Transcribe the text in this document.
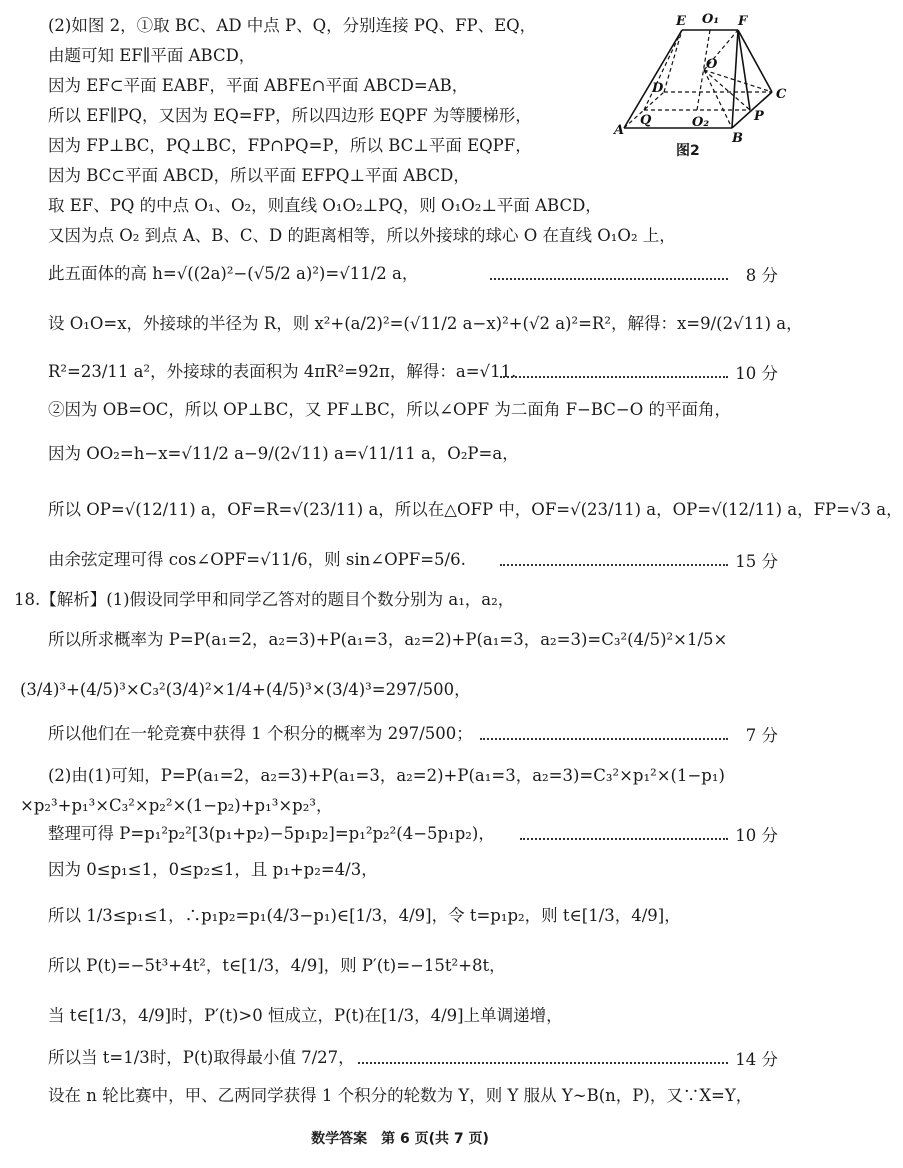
E O₁ F
D
O
C
A
Q	O₂
B
P
图2
(2)如图 2，①取 BC、AD 中点 P、Q，分别连接 PQ、FP、EQ，
由题可知 EF∥平面 ABCD，
因为 EF⊂平面 EABF，平面 ABFE∩平面 ABCD=AB，
所以 EF∥PQ，又因为 EQ=FP，所以四边形 EQPF 为等腰梯形，
因为 FP⊥BC，PQ⊥BC，FP∩PQ=P，所以 BC⊥平面 EQPF，
因为 BC⊂平面 ABCD，所以平面 EFPQ⊥平面 ABCD，
取 EF、PQ 的中点 O₁、O₂，则直线 O₁O₂⊥PQ，则 O₁O₂⊥平面 ABCD，
又因为点 O₂ 到点 A、B、C、D 的距离相等，所以外接球的球心 O 在直线 O₁O₂ 上，
此五面体的高 h=√((2a)²−(√5/2 a)²)=√11/2 a，	8 分
设 O₁O=x，外接球的半径为 R，则 x²+(a/2)²=(√11/2 a−x)²+(√2 a)²=R²，解得：x=9/(2√11) a，
R²=23/11 a²，外接球的表面积为 4πR²=92π，解得：a=√11.	10 分
②因为 OB=OC，所以 OP⊥BC，又 PF⊥BC，所以∠OPF 为二面角 F−BC−O 的平面角，
因为 OO₂=h−x=√11/2 a−9/(2√11) a=√11/11 a，O₂P=a，
所以 OP=√(12/11) a，OF=R=√(23/11) a，所以在△OFP 中，OF=√(23/11) a，OP=√(12/11) a，FP=√3 a，
由余弦定理可得 cos∠OPF=√11/6，则 sin∠OPF=5/6.	15 分
18.【解析】(1)假设同学甲和同学乙答对的题目个数分别为 a₁，a₂，
所以所求概率为 P=P(a₁=2，a₂=3)+P(a₁=3，a₂=2)+P(a₁=3，a₂=3)=C₃²(4/5)²×1/5×
(3/4)³+(4/5)³×C₃²(3/4)²×1/4+(4/5)³×(3/4)³=297/500，
所以他们在一轮竞赛中获得 1 个积分的概率为 297/500；	7 分
(2)由(1)可知，P=P(a₁=2，a₂=3)+P(a₁=3，a₂=2)+P(a₁=3，a₂=3)=C₃²×p₁²×(1−p₁)
×p₂³+p₁³×C₃²×p₂²×(1−p₂)+p₁³×p₂³，
整理可得 P=p₁²p₂²[3(p₁+p₂)−5p₁p₂]=p₁²p₂²(4−5p₁p₂)，	10 分
因为 0≤p₁≤1，0≤p₂≤1，且 p₁+p₂=4/3，
所以 1/3≤p₁≤1，∴p₁p₂=p₁(4/3−p₁)∈[1/3，4/9]，令 t=p₁p₂，则 t∈[1/3，4/9]，
所以 P(t)=−5t³+4t²，t∈[1/3，4/9]，则 P′(t)=−15t²+8t，
当 t∈[1/3，4/9]时，P′(t)>0 恒成立，P(t)在[1/3，4/9]上单调递增，
所以当 t=1/3时，P(t)取得最小值 7/27，	14 分
设在 n 轮比赛中，甲、乙两同学获得 1 个积分的轮数为 Y，则 Y 服从 Y∼B(n，P)，又∵X=Y，
数学答案　第 6 页(共 7 页)
